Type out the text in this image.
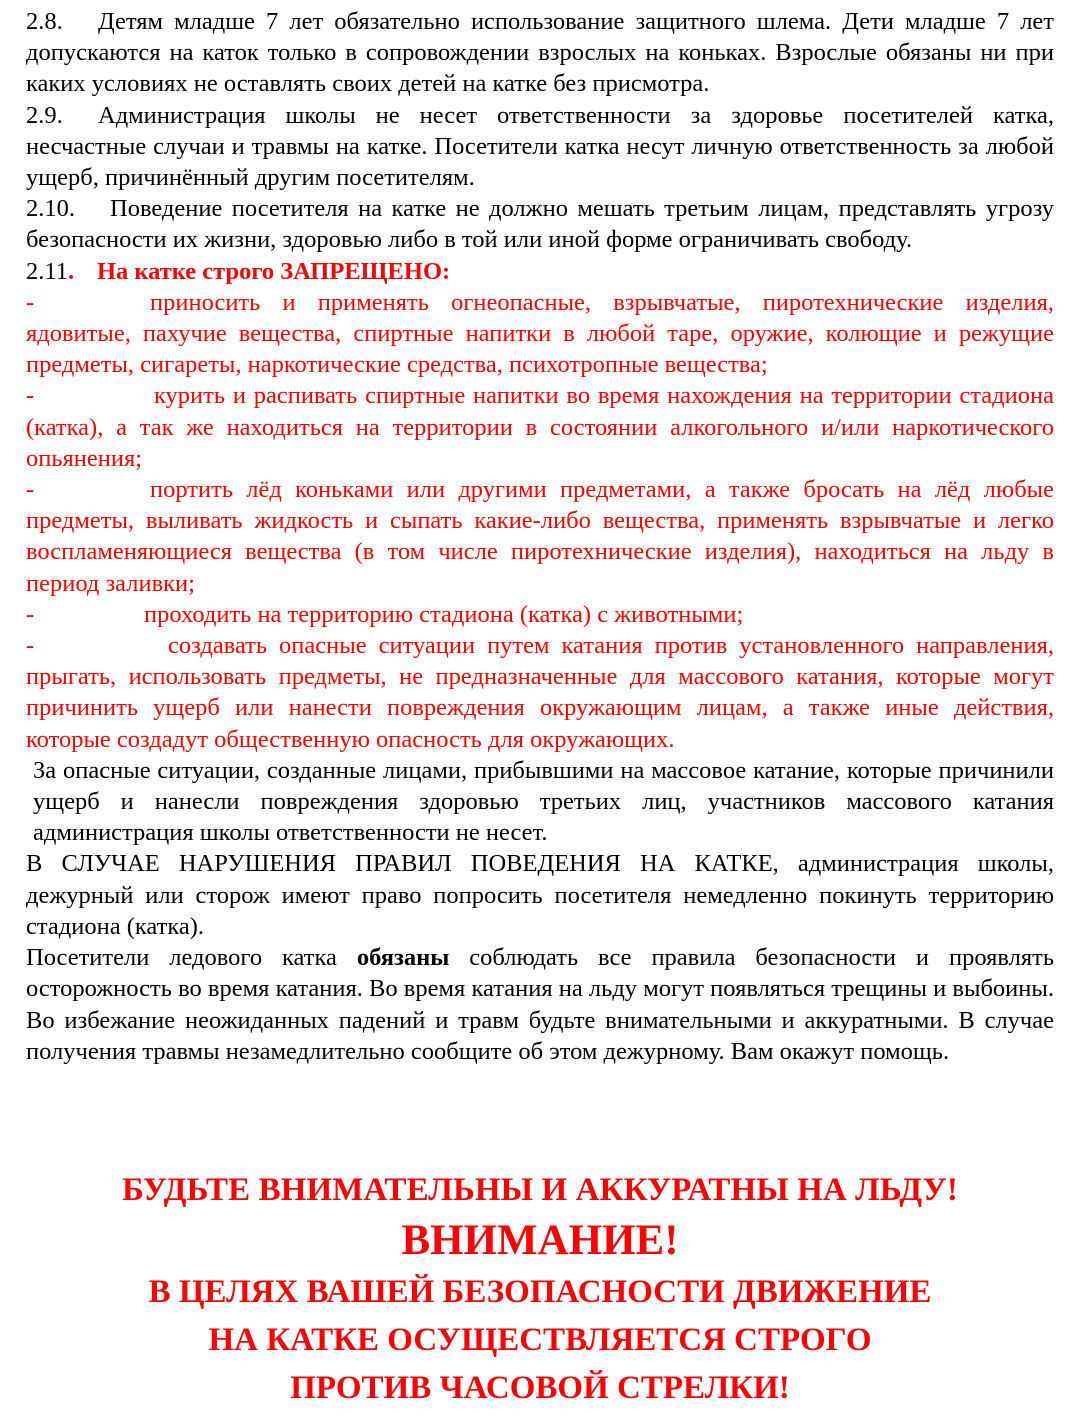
2.8. Детям младше 7 лет обязательно использование защитного шлема. Дети младше 7 лет допускаются на каток только в сопровождении взрослых на коньках. Взрослые обязаны ни при каких условиях не оставлять своих детей на катке без присмотра.

2.9. Администрация школы не несет ответственности за здоровье посетителей катка, несчастные случаи и травмы на катке. Посетители катка несут личную ответственность за любой ущерб, причинённый другим посетителям.

2.10. Поведение посетителя на катке не должно мешать третьим лицам, представлять угрозу безопасности их жизни, здоровью либо в той или иной форме ограничивать свободу.

2.11. На катке строго ЗАПРЕЩЕНО:

-	приносить и применять огнеопасные, взрывчатые, пиротехнические изделия, ядовитые, пахучие вещества, спиртные напитки в любой таре, оружие, колющие и режущие предметы, сигареты, наркотические средства, психотропные вещества;

-	курить и распивать спиртные напитки во время нахождения на территории стадиона (катка), а так же находиться на территории в состоянии алкогольного и/или наркотического опьянения;

-	портить лёд коньками или другими предметами, а также бросать на лёд любые предметы, выливать жидкость и сыпать какие-либо вещества, применять взрывчатые и легко воспламеняющиеся вещества (в том числе пиротехнические изделия), находиться на льду в период заливки;

-	проходить на территорию стадиона (катка) с животными;

-	создавать опасные ситуации путем катания против установленного направления, прыгать, использовать предметы, не предназначенные для массового катания, которые могут причинить ущерб или нанести повреждения окружающим лицам, а также иные действия, которые создадут общественную опасность для окружающих.

За опасные ситуации, созданные лицами, прибывшими на массовое катание, которые причинили ущерб и нанесли повреждения здоровью третьих лиц, участников массового катания администрация школы ответственности не несет.

В СЛУЧАЕ НАРУШЕНИЯ ПРАВИЛ ПОВЕДЕНИЯ НА КАТКЕ, администрация школы, дежурный или сторож имеют право попросить посетителя немедленно покинуть территорию стадиона (катка).

Посетители ледового катка обязаны соблюдать все правила безопасности и проявлять осторожность во время катания. Во время катания на льду могут появляться трещины и выбоины. Во избежание неожиданных падений и травм будьте внимательными и аккуратными. В случае получения травмы незамедлительно сообщите об этом дежурному. Вам окажут помощь.

БУДЬТЕ ВНИМАТЕЛЬНЫ И АККУРАТНЫ НА ЛЬДУ!
ВНИМАНИЕ!
В ЦЕЛЯХ ВАШЕЙ БЕЗОПАСНОСТИ ДВИЖЕНИЕ
НА КАТКЕ ОСУЩЕСТВЛЯЕТСЯ СТРОГО
ПРОТИВ ЧАСОВОЙ СТРЕЛКИ!
